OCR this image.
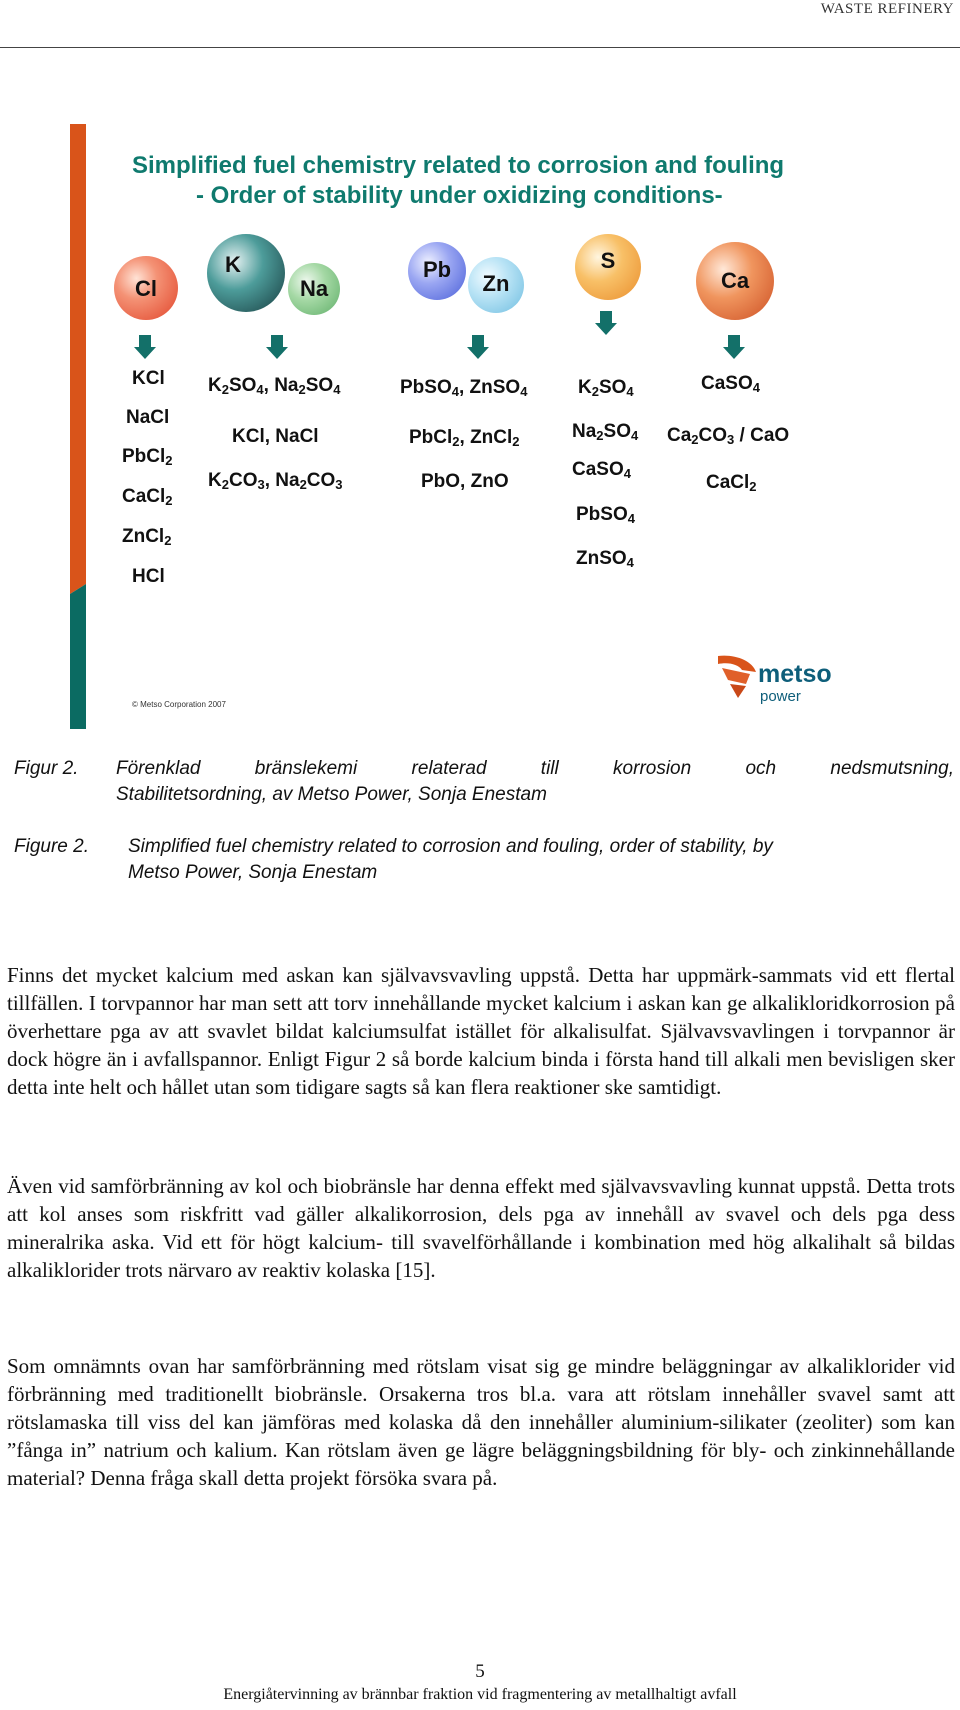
WASTE REFINERY
Simplified fuel chemistry related to corrosion and fouling
- Order of stability under oxidizing conditions-
Cl
K
Na
Pb
Zn
S
Ca
KCl
NaCl
PbCl$_2$
CaCl$_2$
ZnCl$_2$
HCl
$K_2SO_4$, $Na_2SO_4$
KCl, NaCl
$K_2CO_3$, $Na_2CO_3$
PbSO$_4$, ZnSO$_4$
PbCl$_2$, ZnCl$_2$
PbO, ZnO
$K_2SO_4$
$Na_2SO_4$
CaSO$_4$
PbSO$_4$
ZnSO$_4$
CaSO$_4$
$Ca_2CO_3$ / CaO
CaCl$_2$
© Metso Corporation 2007
metso
power
Figur 2. Förenklad bränslekemi relaterad till korrosion och nedsmutsning,
Stabilitetsordning, av Metso Power, Sonja Enestam
Figure 2. Simplified fuel chemistry related to corrosion and fouling, order of stability, by
Metso Power, Sonja Enestam
Finns det mycket kalcium med askan kan självavsvavling uppstå. Detta har uppmärk-sammats vid ett flertal tillfällen. I torvpannor har man sett att torv innehållande mycket kalcium i askan kan ge alkalikloridkorrosion på överhettare pga av att svavlet bildat kalciumsulfat istället för alkalisulfat. Självavsvavlingen i torvpannor är dock högre än i avfallspannor. Enligt Figur 2 så borde kalcium binda i första hand till alkali men bevisligen sker detta inte helt och hållet utan som tidigare sagts så kan flera reaktioner ske samtidigt.
Även vid samförbränning av kol och biobränsle har denna effekt med självavsvavling kunnat uppstå. Detta trots att kol anses som riskfritt vad gäller alkalikorrosion, dels pga av innehåll av svavel och dels pga dess mineralrika aska. Vid ett för högt kalcium- till svavelförhållande i kombination med hög alkalihalt så bildas alkaliklorider trots närvaro av reaktiv kolaska [15].
Som omnämnts ovan har samförbränning med rötslam visat sig ge mindre beläggningar av alkaliklorider vid förbränning med traditionellt biobränsle. Orsakerna tros bl.a. vara att rötslam innehåller svavel samt att rötslamaska till viss del kan jämföras med kolaska då den innehåller aluminium-silikater (zeoliter) som kan ”fånga in” natrium och kalium. Kan rötslam även ge lägre beläggningsbildning för bly- och zinkinnehållande material? Denna fråga skall detta projekt försöka svara på.
5
Energiåtervinning av brännbar fraktion vid fragmentering av metallhaltigt avfall
